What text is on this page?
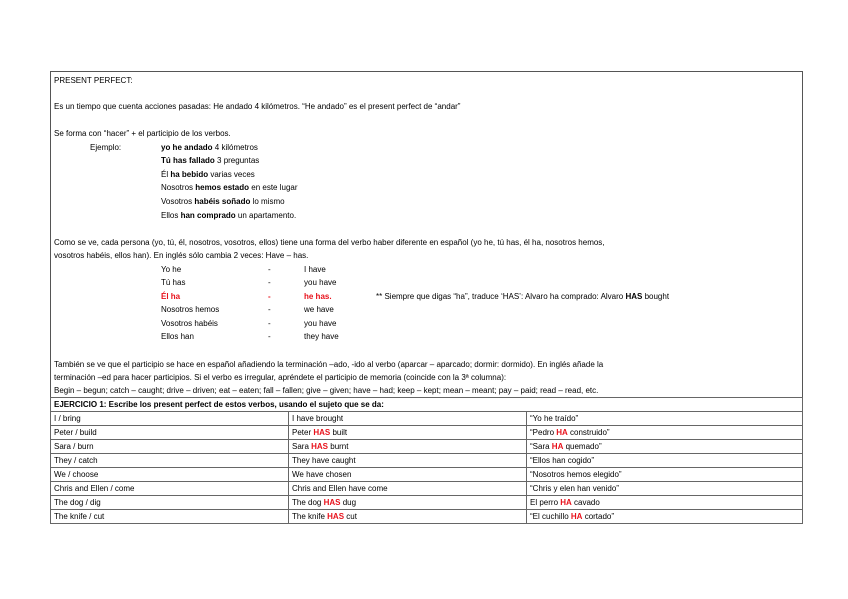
PRESENT PERFECT:
Es un tiempo que cuenta acciones pasadas: He andado 4 kilómetros. “He andado” es el present perfect de “andar”
Se forma con “hacer” + el participio de los verbos.
Ejemplo:	yo he andado 4 kilómetros
Tú has fallado 3 preguntas
Él ha bebido varias veces
Nosotros hemos estado en este lugar
Vosotros habéis soñado lo mismo
Ellos han comprado un apartamento.
Como se ve, cada persona (yo, tú, él, nosotros, vosotros, ellos) tiene una forma del verbo haber diferente en español (yo he, tú has, él ha, nosotros hemos,
vosotros habéis, ellos han). En inglés sólo cambia 2 veces: Have – has.
Yo he	-	I have
Tú has	-	you have
Él ha	-	he has.	** Siempre que digas “ha”, traduce ‘HAS’: Alvaro ha comprado: Alvaro HAS bought
Nosotros hemos	-	we have
Vosotros habéis	-	you have
Ellos han	-	they have
También se ve que el participio se hace en español añadiendo la terminación –ado, -ido al verbo (aparcar – aparcado; dormir: dormido). En inglés añade la
terminación –ed para hacer participios. Si el verbo es irregular, apréndete el participio de memoria (coincide con la 3ª columna):
Begin – begun; catch – caught; drive – driven; eat – eaten; fall – fallen; give – given; have – had; keep – kept; mean – meant; pay – paid; read – read, etc.
EJERCICIO 1: Escribe los present perfect de estos verbos, usando el sujeto que se da:		
I / bring	I have brought	“Yo he traído”
Peter / build	Peter HAS built	“Pedro HA construido”
Sara / burn	Sara HAS burnt	“Sara HA quemado”
They / catch	They have caught	“Ellos han cogido”
We / choose	We have chosen	“Nosotros hemos elegido”
Chris and Ellen / come	Chris and Ellen have come	“Chris y elen han venido”
The dog / dig	The dog HAS dug	El perro HA cavado
The knife / cut	The knife HAS cut	“El cuchillo HA cortado”
